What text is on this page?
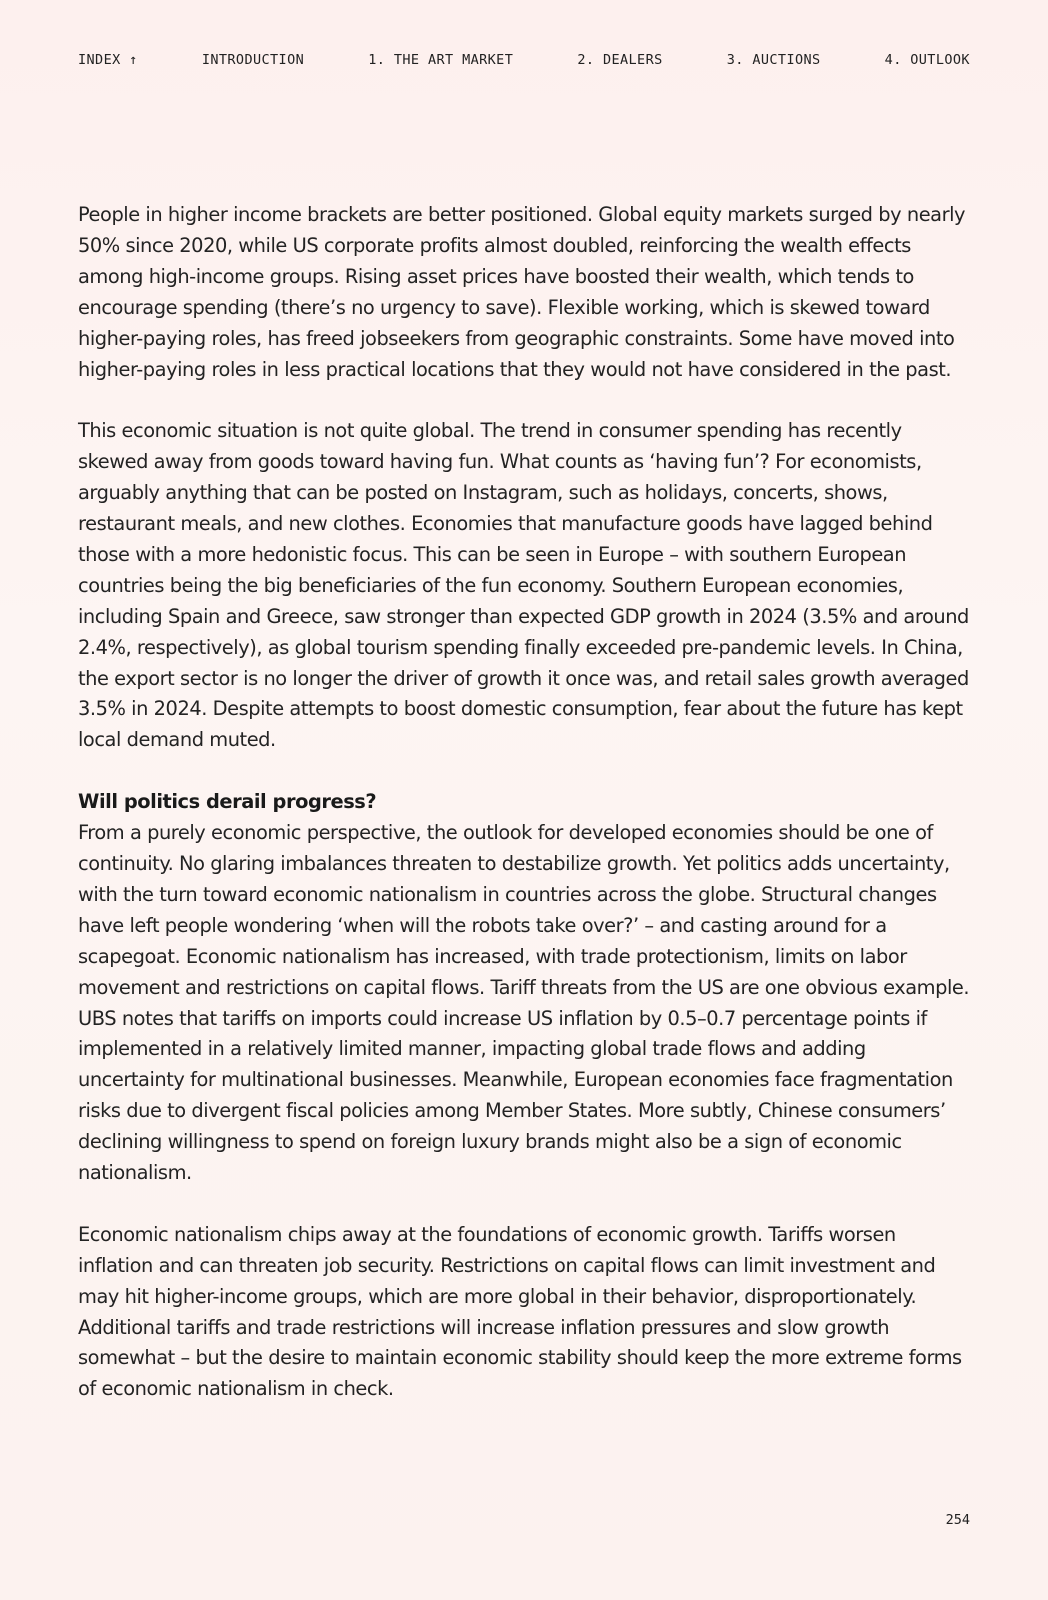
INDEX ↑	INTRODUCTION	1. THE ART MARKET	2. DEALERS	3. AUCTIONS	4. OUTLOOK

People in higher income brackets are better positioned. Global equity markets surged by nearly 50% since 2020, while US corporate profits almost doubled, reinforcing the wealth effects among high-income groups. Rising asset prices have boosted their wealth, which tends to encourage spending (there’s no urgency to save). Flexible working, which is skewed toward higher-paying roles, has freed jobseekers from geographic constraints. Some have moved into higher-paying roles in less practical locations that they would not have considered in the past.

This economic situation is not quite global. The trend in consumer spending has recently skewed away from goods toward having fun. What counts as ‘having fun’? For economists, arguably anything that can be posted on Instagram, such as holidays, concerts, shows, restaurant meals, and new clothes. Economies that manufacture goods have lagged behind those with a more hedonistic focus. This can be seen in Europe – with southern European countries being the big beneficiaries of the fun economy. Southern European economies, including Spain and Greece, saw stronger than expected GDP growth in 2024 (3.5% and around 2.4%, respectively), as global tourism spending finally exceeded pre-pandemic levels. In China, the export sector is no longer the driver of growth it once was, and retail sales growth averaged 3.5% in 2024. Despite attempts to boost domestic consumption, fear about the future has kept local demand muted.

Will politics derail progress?

From a purely economic perspective, the outlook for developed economies should be one of continuity. No glaring imbalances threaten to destabilize growth. Yet politics adds uncertainty, with the turn toward economic nationalism in countries across the globe. Structural changes have left people wondering ‘when will the robots take over?’ – and casting around for a scapegoat. Economic nationalism has increased, with trade protectionism, limits on labor movement and restrictions on capital flows. Tariff threats from the US are one obvious example. UBS notes that tariffs on imports could increase US inflation by 0.5–0.7 percentage points if implemented in a relatively limited manner, impacting global trade flows and adding uncertainty for multinational businesses. Meanwhile, European economies face fragmentation risks due to divergent fiscal policies among Member States. More subtly, Chinese consumers’ declining willingness to spend on foreign luxury brands might also be a sign of economic nationalism.

Economic nationalism chips away at the foundations of economic growth. Tariffs worsen inflation and can threaten job security. Restrictions on capital flows can limit investment and may hit higher-income groups, which are more global in their behavior, disproportionately. Additional tariffs and trade restrictions will increase inflation pressures and slow growth somewhat – but the desire to maintain economic stability should keep the more extreme forms of economic nationalism in check.

254
